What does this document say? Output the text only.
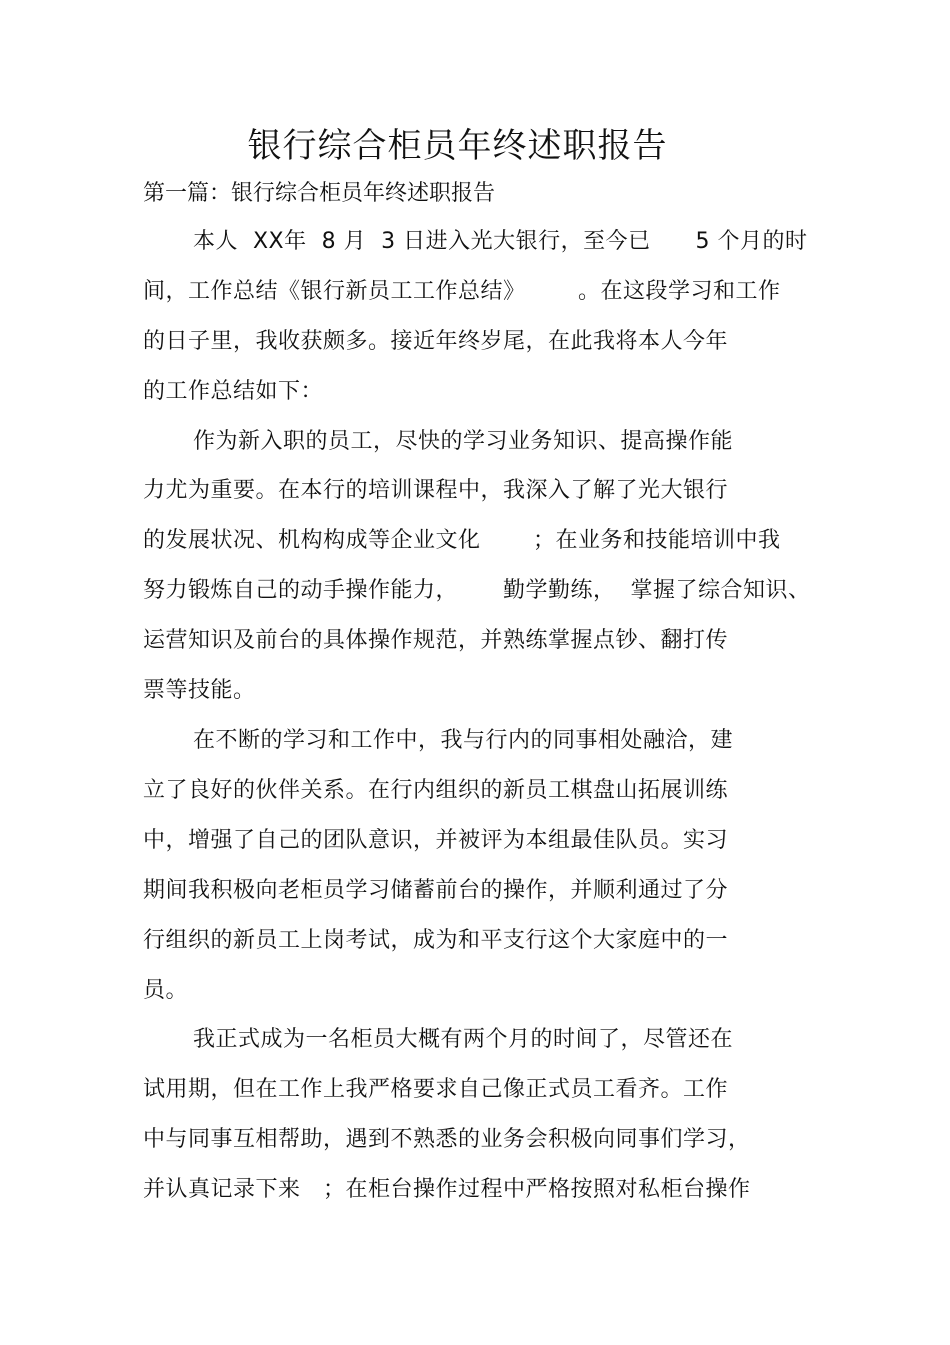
银行综合柜员年终述职报告
第一篇：银行综合柜员年终述职报告
本人  XX年  8 月  3 日进入光大银行，至今已      5 个月的时
间，工作总结《银行新员工工作总结》       。在这段学习和工作
的日子里，我收获颇多。接近年终岁尾，在此我将本人今年
的工作总结如下：
作为新入职的员工，尽快的学习业务知识、提高操作能
力尤为重要。在本行的培训课程中，我深入了解了光大银行
的发展状况、机构构成等企业文化       ；在业务和技能培训中我
努力锻炼自己的动手操作能力，      勤学勤练，  掌握了综合知识、
运营知识及前台的具体操作规范，并熟练掌握点钞、翻打传
票等技能。
在不断的学习和工作中，我与行内的同事相处融洽，建
立了良好的伙伴关系。在行内组织的新员工棋盘山拓展训练
中，增强了自己的团队意识，并被评为本组最佳队员。实习
期间我积极向老柜员学习储蓄前台的操作，并顺利通过了分
行组织的新员工上岗考试，成为和平支行这个大家庭中的一
员。
我正式成为一名柜员大概有两个月的时间了，尽管还在
试用期，但在工作上我严格要求自己像正式员工看齐。工作
中与同事互相帮助，遇到不熟悉的业务会积极向同事们学习，
并认真记录下来   ；在柜台操作过程中严格按照对私柜台操作
